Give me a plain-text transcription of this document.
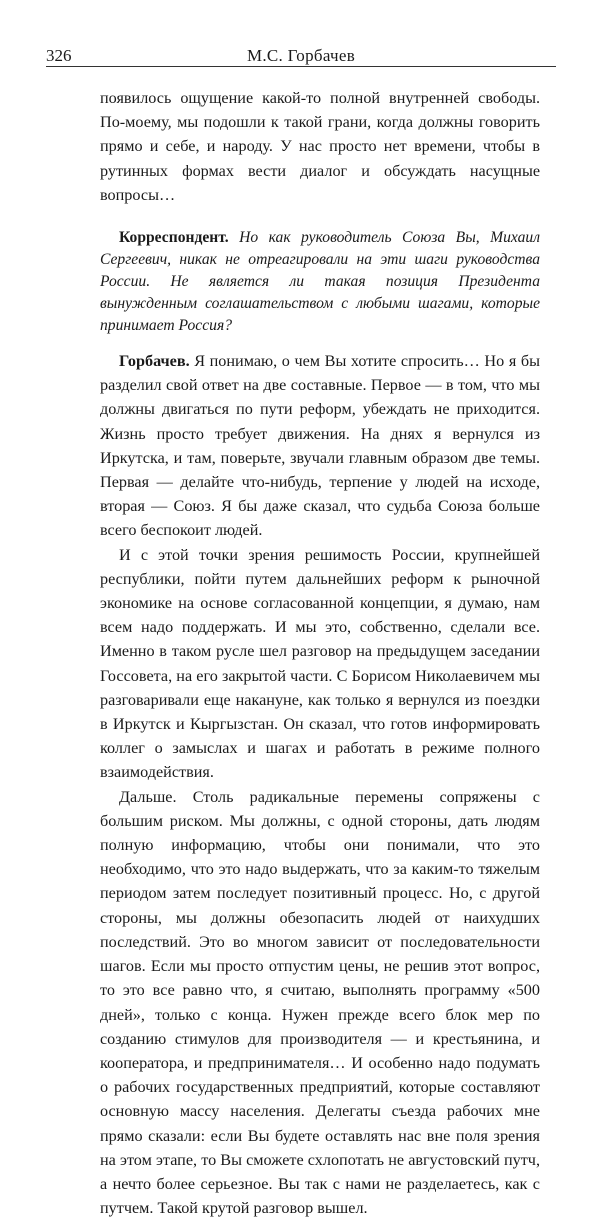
326	М.С. Горбачев

появилось ощущение какой-то полной внутренней свободы. По-моему, мы подошли к такой грани, когда должны говорить прямо и себе, и народу. У нас просто нет времени, чтобы в рутинных формах вести диалог и обсуждать насущные вопросы…

Корреспондент. Но как руководитель Союза Вы, Михаил Сергеевич, никак не отреагировали на эти шаги руководства России. Не является ли такая позиция Президента вынужденным соглашательством с любыми шагами, которые принимает Россия?

Горбачев. Я понимаю, о чем Вы хотите спросить… Но я бы разделил свой ответ на две составные. Первое — в том, что мы должны двигаться по пути реформ, убеждать не приходится. Жизнь просто требует движения. На днях я вернулся из Иркутска, и там, поверьте, звучали главным образом две темы. Первая — делайте что-нибудь, терпение у людей на исходе, вторая — Союз. Я бы даже сказал, что судьба Союза больше всего беспокоит людей.

И с этой точки зрения решимость России, крупнейшей республики, пойти путем дальнейших реформ к рыночной экономике на основе согласованной концепции, я думаю, нам всем надо поддержать. И мы это, собственно, сделали все. Именно в таком русле шел разговор на предыдущем заседании Госсовета, на его закрытой части. С Борисом Николаевичем мы разговаривали еще накануне, как только я вернулся из поездки в Иркутск и Кыргызстан. Он сказал, что готов информировать коллег о замыслах и шагах и работать в режиме полного взаимодействия.

Дальше. Столь радикальные перемены сопряжены с большим риском. Мы должны, с одной стороны, дать людям полную информацию, чтобы они понимали, что это необходимо, что это надо выдержать, что за каким-то тяжелым периодом затем последует позитивный процесс. Но, с другой стороны, мы должны обезопасить людей от наихудших последствий. Это во многом зависит от последовательности шагов. Если мы просто отпустим цены, не решив этот вопрос, то это все равно что, я считаю, выполнять программу «500 дней», только с конца. Нужен прежде всего блок мер по созданию стимулов для производителя — и крестьянина, и кооператора, и предпринимателя… И особенно надо подумать о рабочих государственных предприятий, которые составляют основную массу населения. Делегаты съезда рабочих мне прямо сказали: если Вы будете оставлять нас вне поля зрения на этом этапе, то Вы сможете схлопотать не августовский путч, а нечто более серьезное. Вы так с нами не разделаетесь, как с путчем. Такой крутой разговор вышел.
